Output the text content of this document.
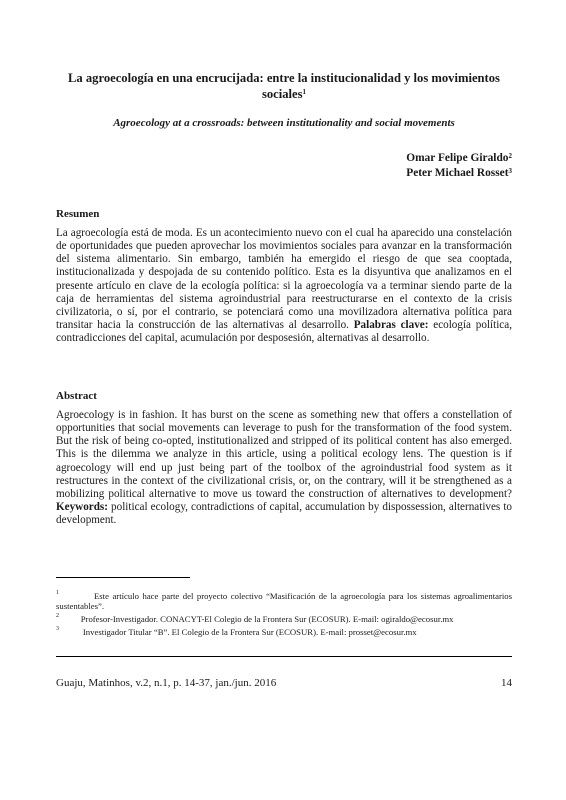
La agroecología en una encrucijada: entre la institucionalidad y los movimientos sociales$^1$
Agroecology at a crossroads: between institutionality and social movements
Omar Felipe Giraldo$^2$
Peter Michael Rosset$^3$
Resumen
La agroecología está de moda. Es un acontecimiento nuevo con el cual ha aparecido una constelación de oportunidades que pueden aprovechar los movimientos sociales para avanzar en la transformación del sistema alimentario. Sin embargo, también ha emergido el riesgo de que sea cooptada, institucionalizada y despojada de su contenido político. Esta es la disyuntiva que analizamos en el presente artículo en clave de la ecología política: si la agroecología va a terminar siendo parte de la caja de herramientas del sistema agroindustrial para reestructurarse en el contexto de la crisis civilizatoria, o sí, por el contrario, se potenciará como una movilizadora alternativa política para transitar hacia la construcción de las alternativas al desarrollo. Palabras clave: ecología política, contradicciones del capital, acumulación por desposesión, alternativas al desarrollo.
Abstract
Agroecology is in fashion. It has burst on the scene as something new that offers a constellation of opportunities that social movements can leverage to push for the transformation of the food system. But the risk of being co-opted, institutionalized and stripped of its political content has also emerged. This is the dilemma we analyze in this article, using a political ecology lens. The question is if agroecology will end up just being part of the toolbox of the agroindustrial food system as it restructures in the context of the civilizational crisis, or, on the contrary, will it be strengthened as a mobilizing political alternative to move us toward the construction of alternatives to development? Keywords: political ecology, contradictions of capital, accumulation by dispossession, alternatives to development.
$^1$	Este artículo hace parte del proyecto colectivo “Masificación de la agroecología para los sistemas agroalimentarios sustentables”.
$^2$ Profesor-Investigador. CONACYT-El Colegio de la Frontera Sur (ECOSUR). E-mail: ogiraldo@ecosur.mx
$^3$	Investigador Titular “B”. El Colegio de la Frontera Sur (ECOSUR). E-mail: prosset@ecosur.mx
Guaju, Matinhos, v.2, n.1, p. 14-37, jan./jun. 2016	14
